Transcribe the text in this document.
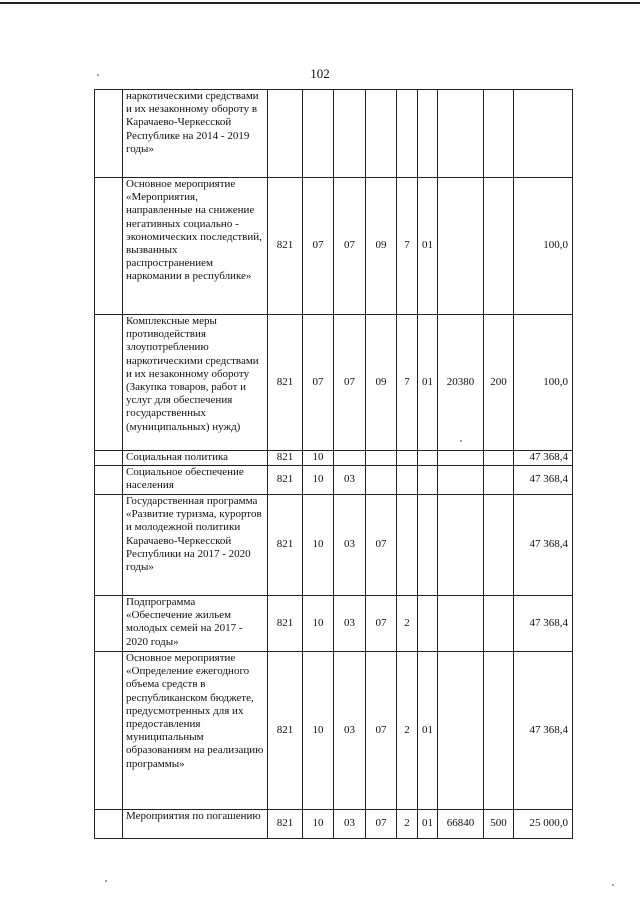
102
	наркотическими средствами и их незаконному обороту в Карачаево-Черкесской Республике на 2014 - 2019 годы»									
	Основное мероприятие «Мероприятия, направленные на снижение негативных социально - экономических последствий, вызванных распространением наркомании в республике»	821	07	07	09	7	01			100,0
	Комплексные меры противодействия злоупотреблению наркотическими средствами и их незаконному обороту (Закупка товаров, работ и услуг для обеспечения государственных (муниципальных) нужд)	821	07	07	09	7	01	20380	200	100,0
	Социальная политика	821	10							47 368,4
	Социальное обеспечение населения	821	10	03						47 368,4
	Государственная программа «Развитие туризма, курортов и молодежной политики Карачаево-Черкесской Республики на 2017 - 2020 годы»	821	10	03	07					47 368,4
	Подпрограмма «Обеспечение жильем молодых семей на 2017 - 2020 годы»	821	10	03	07	2				47 368,4
	Основное мероприятие «Определение ежегодного объема средств в республиканском бюджете, предусмотренных для их предоставления муниципальным образованиям на реализацию программы»	821	10	03	07	2	01			47 368,4
	Мероприятия по погашению	821	10	03	07	2	01	66840	500	25 000,0
